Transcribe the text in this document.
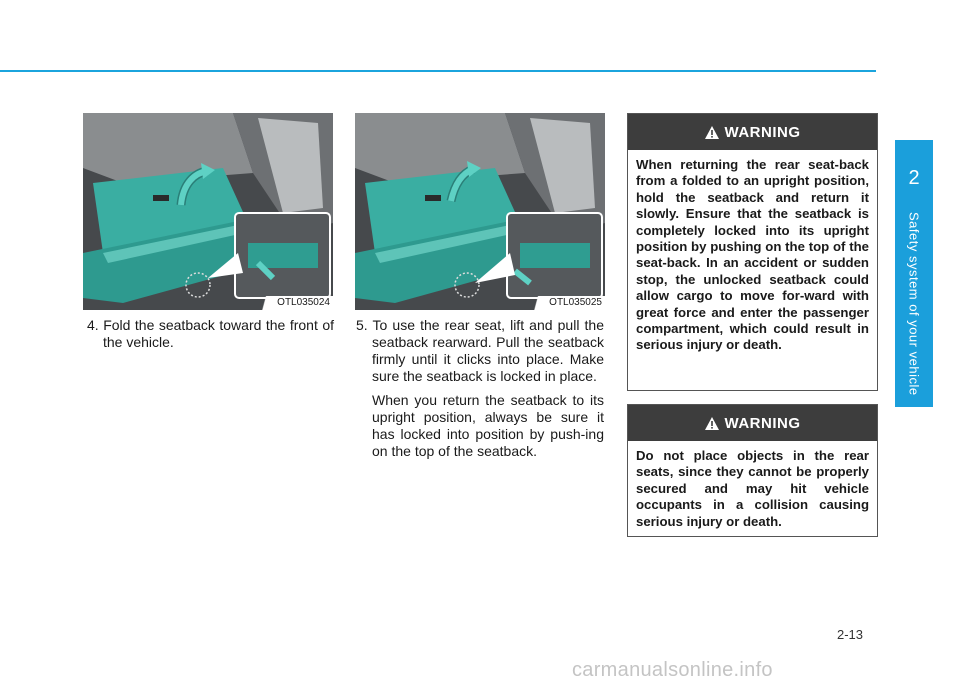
OTL035024	OTL035025

4. Fold the seatback toward the front of the vehicle.

5. To use the rear seat, lift and pull the seatback rearward. Pull the seatback firmly until it clicks into place. Make sure the seatback is locked in place.

When you return the seatback to its upright position, always be sure it has locked into position by push-ing on the top of the seatback.

WARNING
When returning the rear seat-back from a folded to an upright position, hold the seatback and return it slowly. Ensure that the seatback is completely locked into its upright position by pushing on the top of the seat-back. In an accident or sudden stop, the unlocked seatback could allow cargo to move for-ward with great force and enter the passenger compartment, which could result in serious injury or death.
WARNING
Do not place objects in the rear seats, since they cannot be properly secured and may hit vehicle occupants in a collision causing serious injury or death.
2
Safety system of your vehicle
2-13
carmanualsonline.info
